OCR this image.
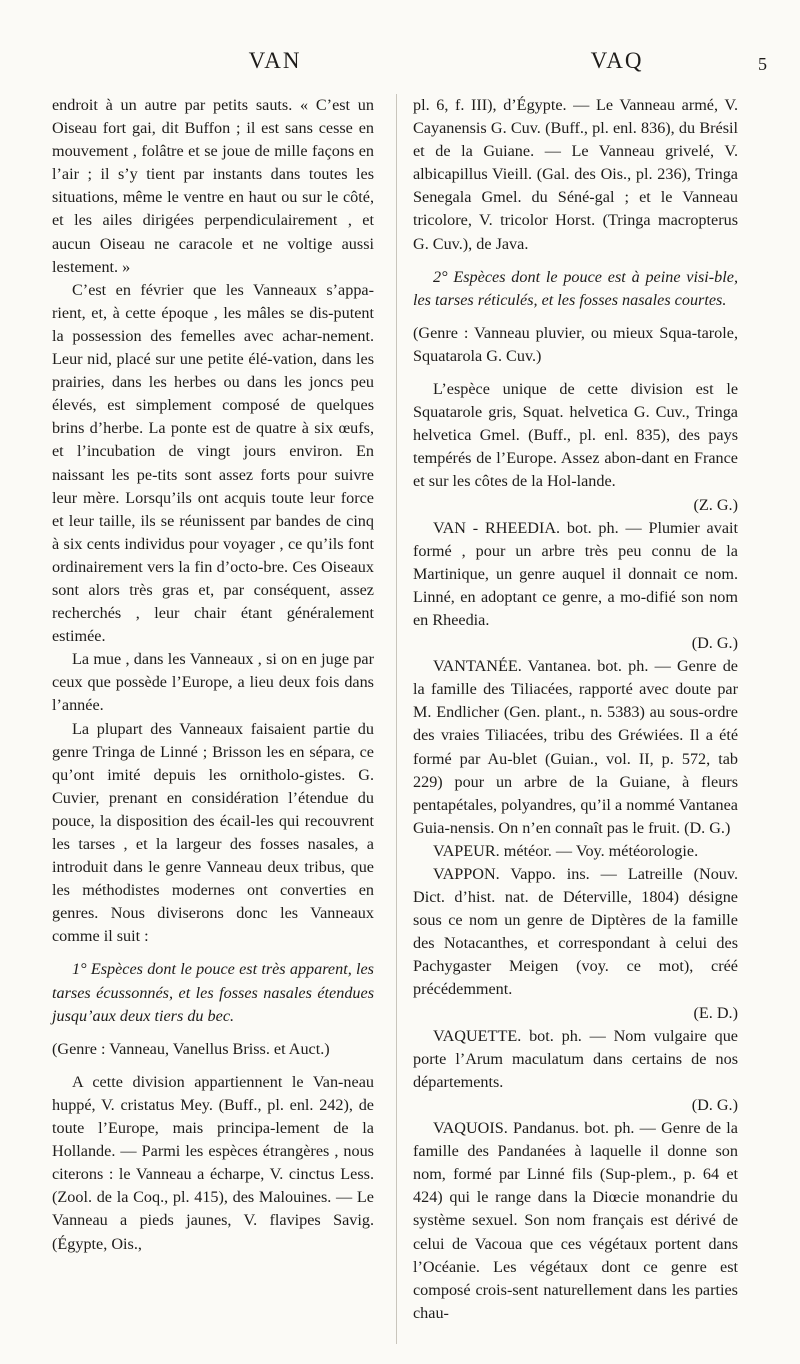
VAN	VAQ	5

endroit à un autre par petits sauts. « C’est un Oiseau fort gai, dit Buffon ; il est sans cesse en mouvement , folâtre et se joue de mille façons en l’air ; il s’y tient par instants dans toutes les situations, même le ventre en haut ou sur le côté, et les ailes dirigées perpendiculairement , et aucun Oiseau ne caracole et ne voltige aussi lestement. »

C’est en février que les Vanneaux s’appa-rient, et, à cette époque , les mâles se dis-putent la possession des femelles avec achar-nement. Leur nid, placé sur une petite élé-vation, dans les prairies, dans les herbes ou dans les joncs peu élevés, est simplement composé de quelques brins d’herbe. La ponte est de quatre à six œufs, et l’incubation de vingt jours environ. En naissant les pe-tits sont assez forts pour suivre leur mère. Lorsqu’ils ont acquis toute leur force et leur taille, ils se réunissent par bandes de cinq à six cents individus pour voyager , ce qu’ils font ordinairement vers la fin d’octo-bre. Ces Oiseaux sont alors très gras et, par conséquent, assez recherchés , leur chair étant généralement estimée.

La mue , dans les Vanneaux , si on en juge par ceux que possède l’Europe, a lieu deux fois dans l’année.

La plupart des Vanneaux faisaient partie du genre Tringa de Linné ; Brisson les en sépara, ce qu’ont imité depuis les ornitholo-gistes. G. Cuvier, prenant en considération l’étendue du pouce, la disposition des écail-les qui recouvrent les tarses , et la largeur des fosses nasales, a introduit dans le genre Vanneau deux tribus, que les méthodistes modernes ont converties en genres. Nous diviserons donc les Vanneaux comme il suit :

1° Espèces dont le pouce est très apparent, les tarses écussonnés, et les fosses nasales étendues jusqu’aux deux tiers du bec.

(Genre : Vanneau, Vanellus Briss. et Auct.)

A cette division appartiennent le Van-neau huppé, V. cristatus Mey. (Buff., pl. enl. 242), de toute l’Europe, mais principa-lement de la Hollande. — Parmi les espèces étrangères , nous citerons : le Vanneau a écharpe, V. cinctus Less. (Zool. de la Coq., pl. 415), des Malouines. — Le Vanneau a pieds jaunes, V. flavipes Savig. (Égypte, Ois.,

pl. 6, f. III), d’Égypte. — Le Vanneau armé, V. Cayanensis G. Cuv. (Buff., pl. enl. 836), du Brésil et de la Guiane. — Le Vanneau grivelé, V. albicapillus Vieill. (Gal. des Ois., pl. 236), Tringa Senegala Gmel. du Séné-gal ; et le Vanneau tricolore, V. tricolor Horst. (Tringa macropterus G. Cuv.), de Java.

2° Espèces dont le pouce est à peine visi-ble, les tarses réticulés, et les fosses nasales courtes.

(Genre : Vanneau pluvier, ou mieux Squa-tarole, Squatarola G. Cuv.)

L’espèce unique de cette division est le Squatarole gris, Squat. helvetica G. Cuv., Tringa helvetica Gmel. (Buff., pl. enl. 835), des pays tempérés de l’Europe. Assez abon-dant en France et sur les côtes de la Hol-lande.

(Z. G.)

VAN - RHEEDIA. bot. ph. — Plumier avait formé , pour un arbre très peu connu de la Martinique, un genre auquel il donnait ce nom. Linné, en adoptant ce genre, a mo-difié son nom en Rheedia.

(D. G.)

VANTANÉE. Vantanea. bot. ph. — Genre de la famille des Tiliacées, rapporté avec doute par M. Endlicher (Gen. plant., n. 5383) au sous-ordre des vraies Tiliacées, tribu des Gréwiées. Il a été formé par Au-blet (Guian., vol. II, p. 572, tab 229) pour un arbre de la Guiane, à fleurs pentapétales, polyandres, qu’il a nommé Vantanea Guia-nensis. On n’en connaît pas le fruit. (D. G.)

VAPEUR. météor. — Voy. météorologie.

VAPPON. Vappo. ins. — Latreille (Nouv. Dict. d’hist. nat. de Déterville, 1804) désigne sous ce nom un genre de Diptères de la famille des Notacanthes, et correspondant à celui des Pachygaster Meigen (voy. ce mot), créé précédemment.

(E. D.)

VAQUETTE. bot. ph. — Nom vulgaire que porte l’Arum maculatum dans certains de nos départements.

(D. G.)

VAQUOIS. Pandanus. bot. ph. — Genre de la famille des Pandanées à laquelle il donne son nom, formé par Linné fils (Sup-plem., p. 64 et 424) qui le range dans la Diœcie monandrie du système sexuel. Son nom français est dérivé de celui de Vacoua que ces végétaux portent dans l’Océanie. Les végétaux dont ce genre est composé crois-sent naturellement dans les parties chau-
